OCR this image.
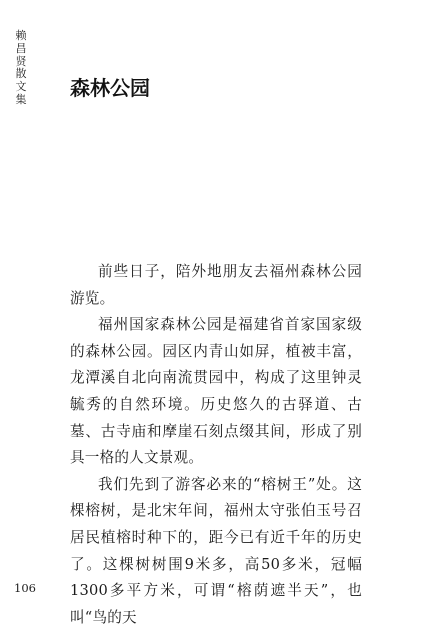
赖昌贤散文集 森林公园

前些日子，陪外地朋友去福州森林公园游览。

福州国家森林公园是福建省首家国家级的森林公园。园区内青山如屏，植被丰富，龙潭溪自北向南流贯园中，构成了这里钟灵毓秀的自然环境。历史悠久的古驿道、古墓、古寺庙和摩崖石刻点缀其间，形成了别具一格的人文景观。

我们先到了游客必来的“榕树王”处。这棵榕树，是北宋年间，福州太守张伯玉号召居民植榕时种下的，距今已有近千年的历史了。这棵树树围9米多，高50多米，冠幅1300多平方米，可谓“榕荫遮半天”，也叫“鸟的天

106
